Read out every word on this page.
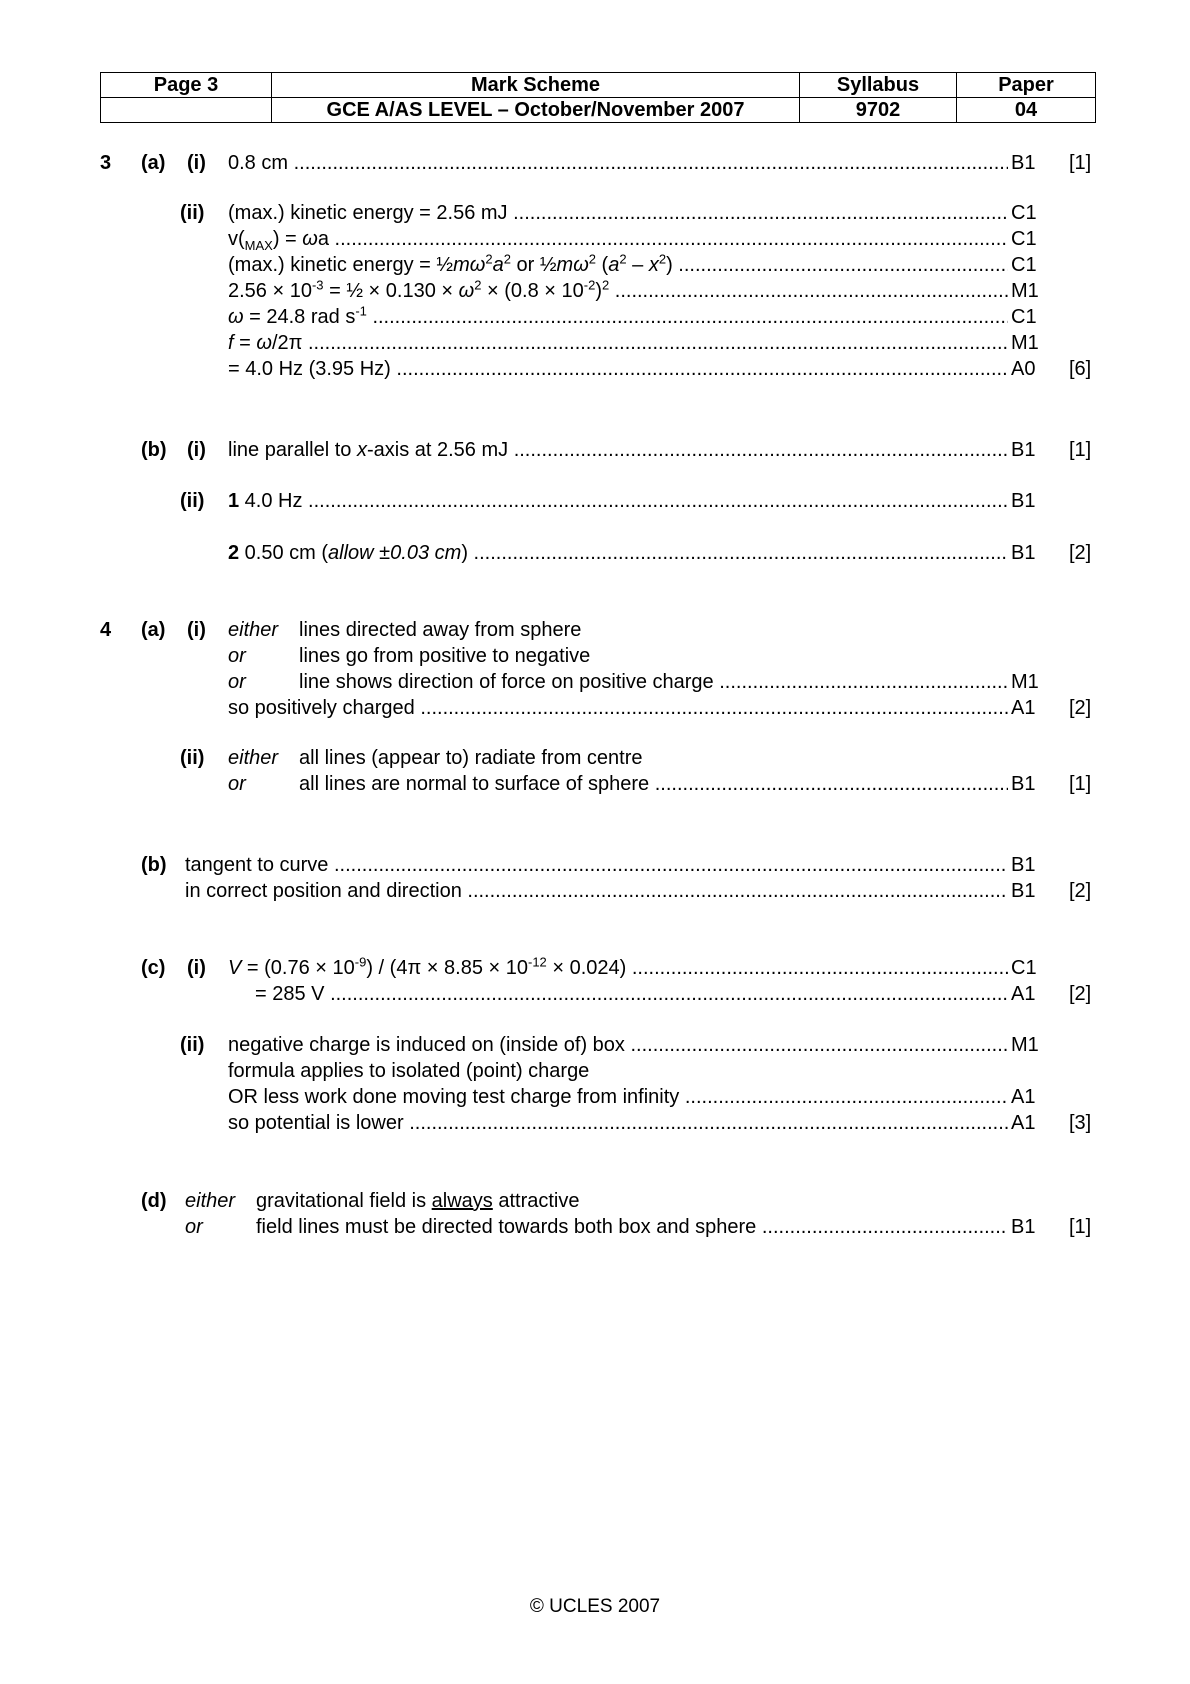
Page 3	Mark Scheme	Syllabus	Paper
	GCE A/AS LEVEL – October/November 2007	9702	04
3 (a) (i) 0.8 cm .....	B1 [1]
(ii) (max.) kinetic energy = 2.56 mJ .....	C1
$v(_{MAX}) = \omega a$ .....	C1
(max.) kinetic energy = $\frac{1}{2}m\omega^2a^2$ or $\frac{1}{2}m\omega^2$ $(a^2 - x^2)$ .....	C1
$2.56 \times 10^{-3}$ = ½ × $0.130 \times \omega^2 \times (0.8 \times 10^{-2})^2$ .....	M1
ω = 24.8 rad $s^{-1}$ .....	C1
f = ω/2π .....	M1
= 4.0 Hz (3.95 Hz) .....	A0 [6]
(b) (i) line parallel to x-axis at 2.56 mJ .....	B1 [1]
(ii) 1 4.0 Hz .....	B1
2 0.50 cm (allow ±0.03 cm) .....	B1 [2]
4 (a) (i) either lines directed away from sphere
or	lines go from positive to negative
or	line shows direction of force on positive charge .....	M1
so positively charged .....	A1 [2]
(ii) either all lines (appear to) radiate from centre
or	all lines are normal to surface of sphere .....	B1 [1]
(b) tangent to curve .....	B1
in correct position and direction .....	B1 [2]
(c) (i) $V = (0.76 \times 10^{-9}) / (4\pi \times 8.85 \times 10^{-12} \times 0.024)$ .....	C1
= 285 V .....	A1 [2]
(ii) negative charge is induced on (inside of) box .....	M1
formula applies to isolated (point) charge
OR less work done moving test charge from infinity .....	A1
so potential is lower .....	A1 [3]
(d) either gravitational field is always attractive
or	field lines must be directed towards both box and sphere .....	B1 [1]
© UCLES 2007
